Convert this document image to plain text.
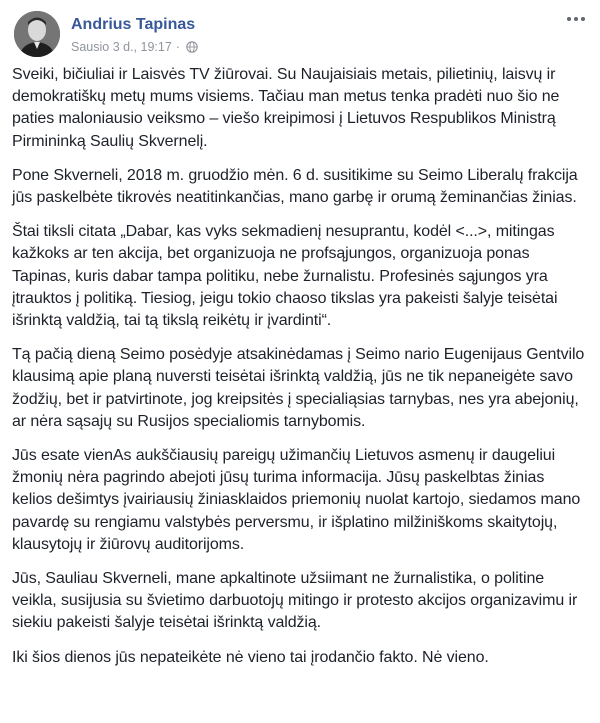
Andrius Tapinas
Sausio 3 d., 19:17 ·

Sveiki, bičiuliai ir Laisvės TV žiūrovai. Su Naujaisiais metais, pilietinių, laisvų ir demokratiškų metų mums visiems. Tačiau man metus tenka pradėti nuo šio ne paties maloniausio veiksmo – viešo kreipimosi į Lietuvos Respublikos Ministrą Pirmininką Saulių Skvernelį.

Pone Skverneli, 2018 m. gruodžio mėn. 6 d. susitikime su Seimo Liberalų frakcija jūs paskelbėte tikrovės neatitinkančias, mano garbę ir orumą žeminančias žinias.

Štai tiksli citata „Dabar, kas vyks sekmadienį nesuprantu, kodėl <...>, mitingas kažkoks ar ten akcija, bet organizuoja ne profsąjungos, organizuoja ponas Tapinas, kuris dabar tampa politiku, nebe žurnalistu. Profesinės sąjungos yra įtrauktos į politiką. Tiesiog, jeigu tokio chaoso tikslas yra pakeisti šalyje teisėtai išrinktą valdžią, tai tą tikslą reikėtų ir įvardinti“.

Tą pačią dieną Seimo posėdyje atsakinėdamas į Seimo nario Eugenijaus Gentvilo klausimą apie planą nuversti teisėtai išrinktą valdžią, jūs ne tik nepaneigėte savo žodžių, bet ir patvirtinote, jog kreipsitės į specialiąsias tarnybas, nes yra abejonių, ar nėra sąsajų su Rusijos specialiomis tarnybomis.

Jūs esate vienAs aukščiausių pareigų užimančių Lietuvos asmenų ir daugeliui žmonių nėra pagrindo abejoti jūsų turima informacija. Jūsų paskelbtas žinias kelios dešimtys įvairiausių žiniasklaidos priemonių nuolat kartojo, siedamos mano pavardę su rengiamu valstybės perversmu, ir išplatino milžiniškoms skaitytojų, klausytojų ir žiūrovų auditorijoms.

Jūs, Sauliau Skverneli, mane apkaltinote užsiimant ne žurnalistika, o politine veikla, susijusia su švietimo darbuotojų mitingo ir protesto akcijos organizavimu ir siekiu pakeisti šalyje teisėtai išrinktą valdžią.

Iki šios dienos jūs nepateikėte nė vieno tai įrodančio fakto. Nė vieno.
